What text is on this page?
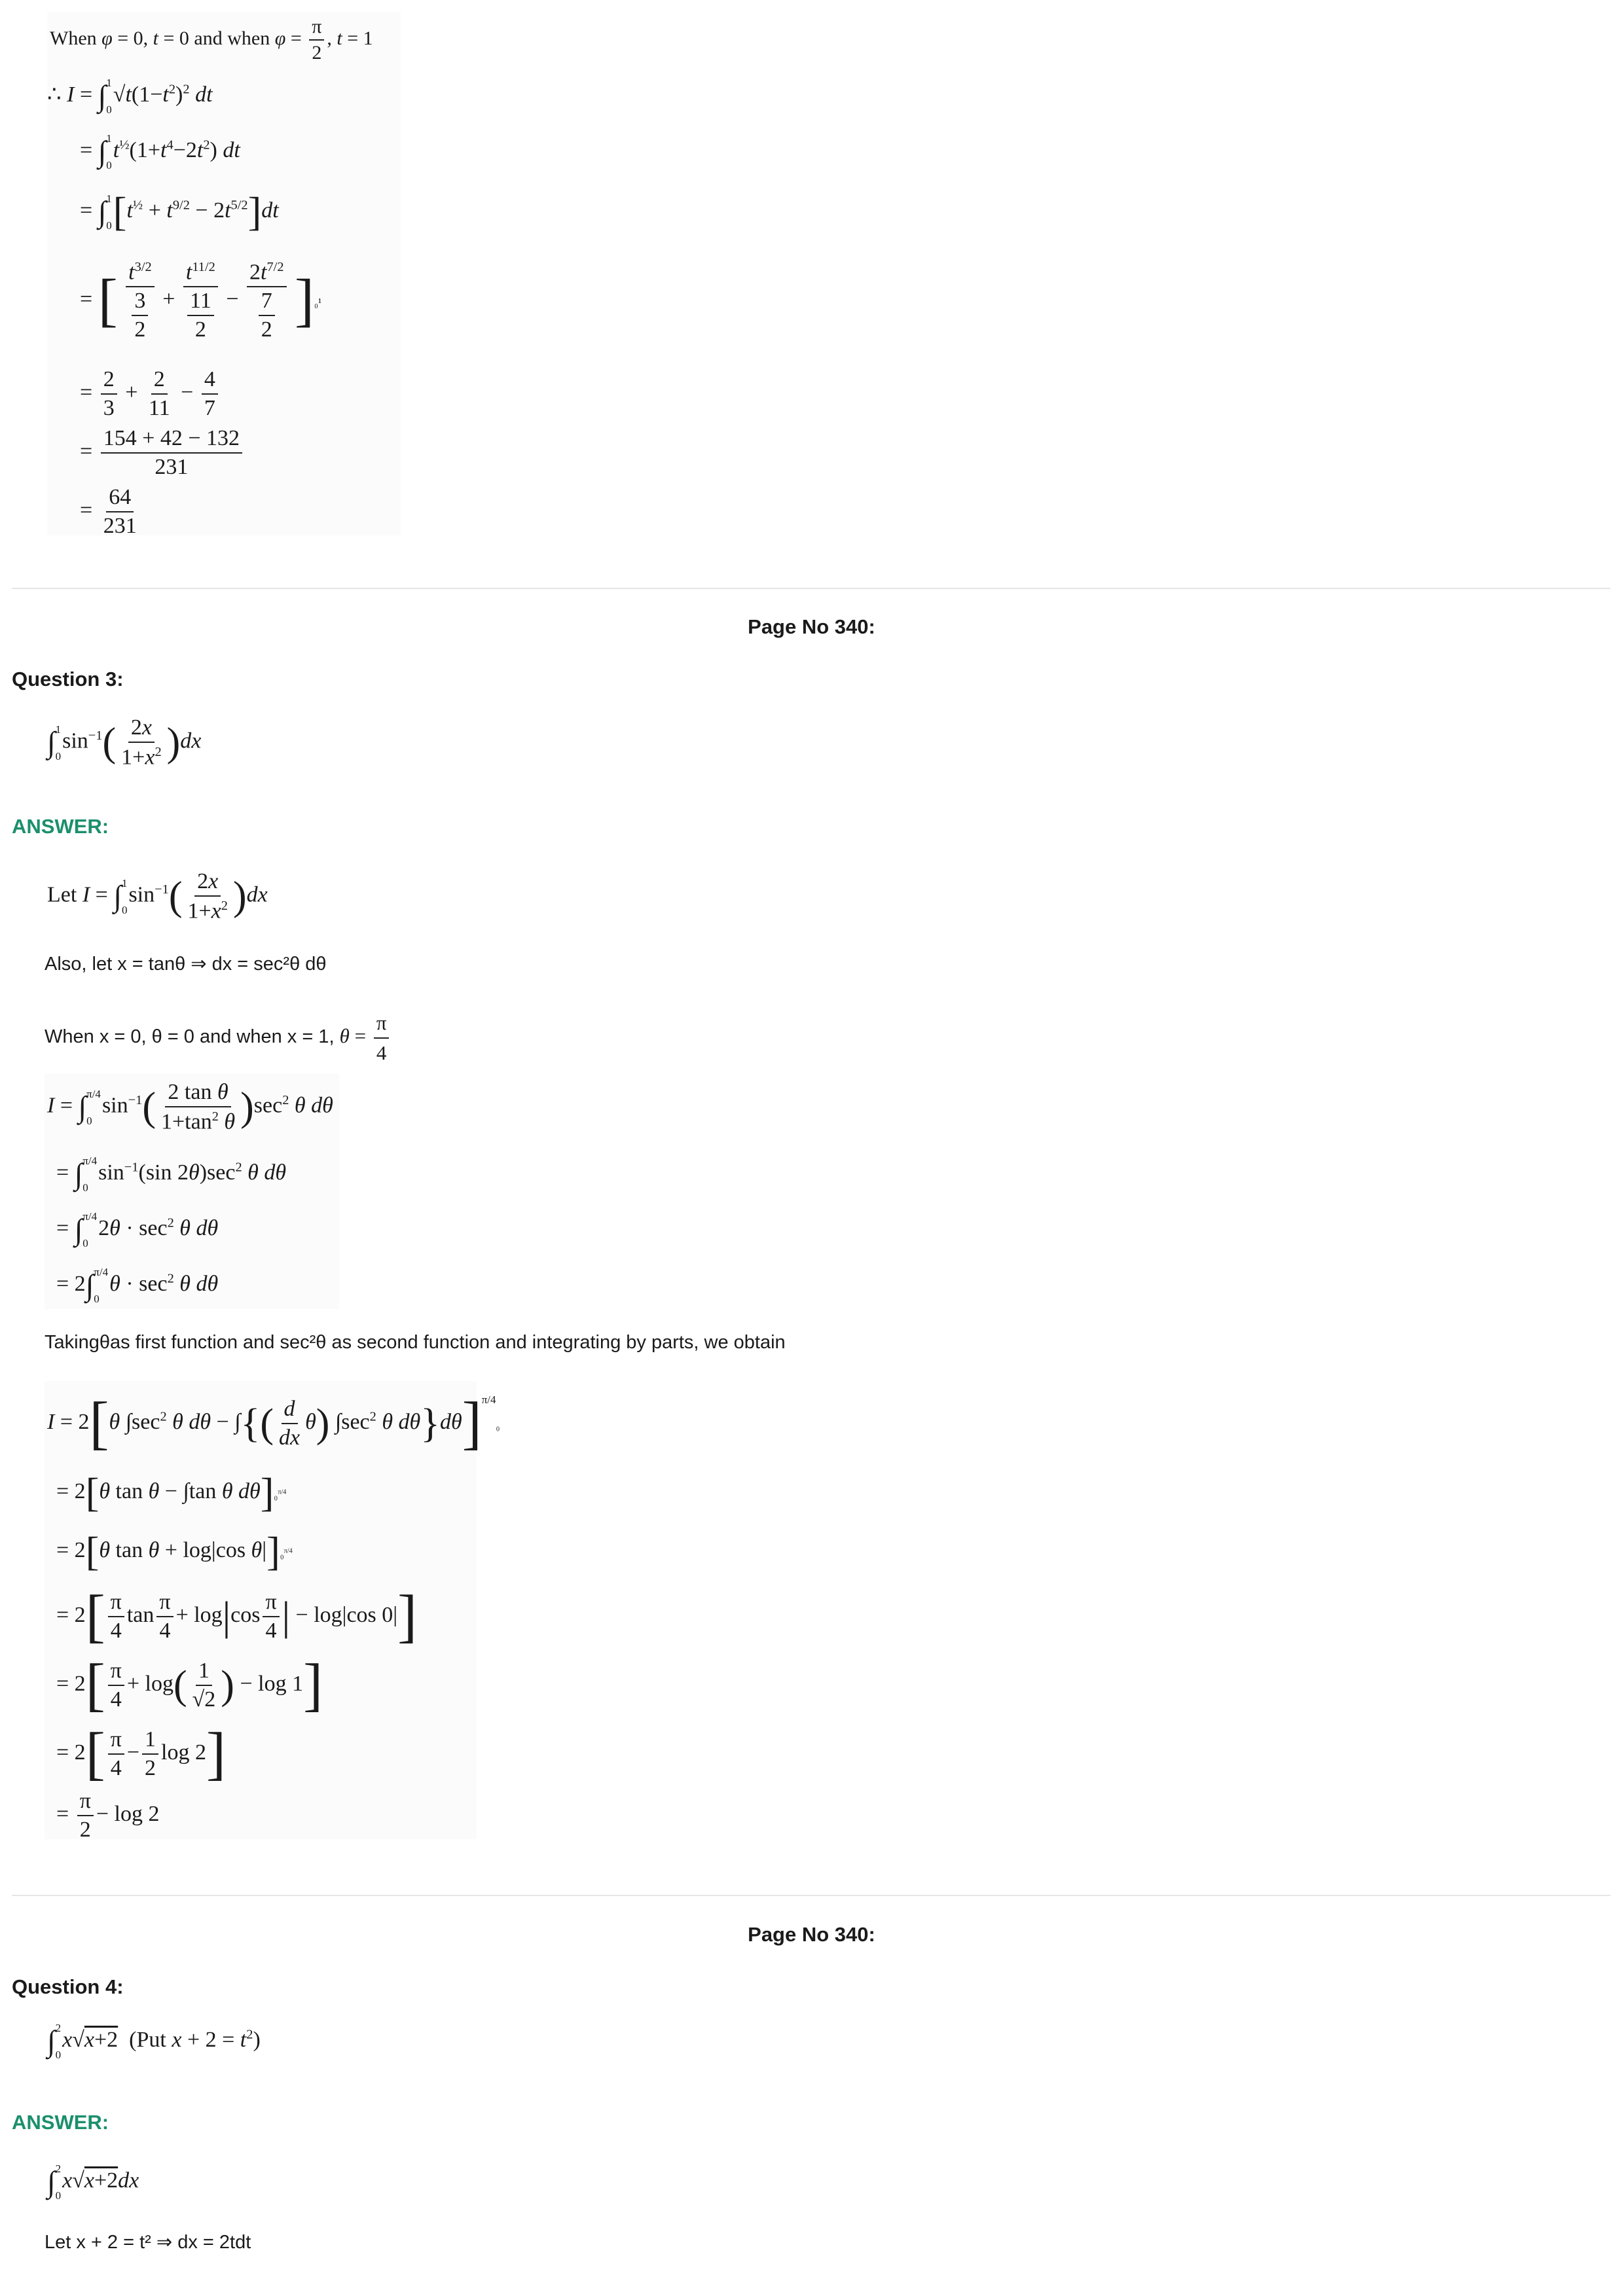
When φ = 0, t = 0 and when $\varphi = \frac{\pi}{2}$ , t = 1
∴ I = ∫ 1
0
$√t(1-t^2)^2$ dt
= ∫ 1
0
$t^{\frac{1}{2}}(1+t^4-2t^2)$ dt
= ∫ 1
0 $[t^{\frac{1}{2}} + t^{9/2} - 2t^{5/2}]dt$
= [ $\frac{t^{3/2}}{\frac{3}{2}} + \frac{t^{11/2}}{\frac{11}{2}} - \frac{2t^{7/2}}{\frac{7}{2}} ]_0^1$
= $\frac{2}{3} + \frac{2}{11} - \frac{4}{7}$
= $\frac{154 + 42 - 132}{231}$
= $\frac{64}{231}$
Page No 340:
Question 3:
∫ 1
0
$\sin^{-1}( \frac{2x}{1+x^2} )dx$
ANSWER:
Let I = ∫ 1
0
$\sin^{-1}( \frac{2x}{1+x^2} )dx$
Also, let x = tanθ ⇒ dx = sec²θ dθ
When x = 0, θ = 0 and when x = 1, $\theta = \frac{\pi}{4}$
I = ∫ π/4
0
$\sin^{-1}( \frac{\text{2 tan θ}}{1+\tan^2 \theta} )\sec^2$ θ dθ
= ∫ π/4
0
$\sin^{-1}(\sin$ $2\theta)\sec^2$ θ dθ
= ∫ π/4
0
$2\theta \cdot \sec^2 \theta$ dθ
= 2∫ π/4
0
$\theta \cdot \sec^2 \theta$ dθ
Takingθas first function and sec²θ as second function and integrating by parts, we obtain
I = 2[θ $\int\sec^2$ θ dθ − ∫{( $\frac{d}{dx} \theta$) $\int\sec^2$ θ dθ}dθ]$^{\pi/4}$₀
= 2[θ tan θ − ∫tan θ dθ]₀$^{\pi/4}$
= 2[θ tan θ + log|cos θ|]₀$^{\pi/4}$
= $2[ \frac{\pi}{4}$ $\tan \frac{\pi}{4} + \log|\cos \frac{\pi}{4}$ | − log|cos 0|]
= $2[ \frac{\pi}{4} + \log( \frac{1}{√2}$ ) − log 1]
= $2[ \frac{\pi}{4} - \frac{1}{2}$ log 2]
= $\frac{\pi}{2} - \log 2$
Page No 340:
Question 4:
∫ 2
0
x√x+2  (Put $x + 2 = t^2$)
ANSWER:
∫ 2
0
x√x+2dx
Let x + 2 = t² ⇒ dx = 2tdt
